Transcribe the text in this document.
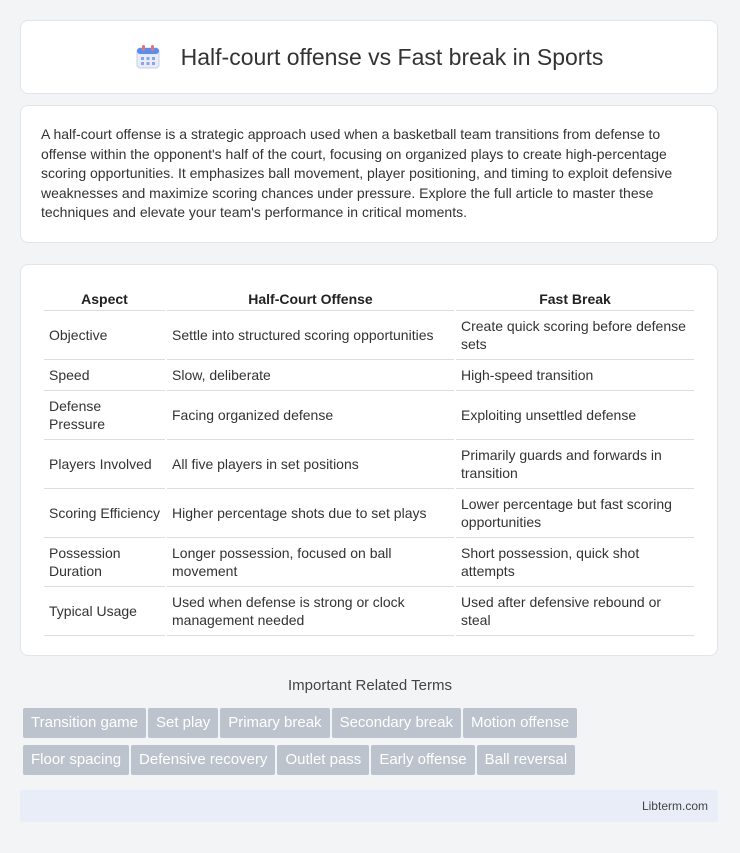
Half-court offense vs Fast break in Sports

A half-court offense is a strategic approach used when a basketball team transitions from defense to offense within the opponent's half of the court, focusing on organized plays to create high-percentage scoring opportunities. It emphasizes ball movement, player positioning, and timing to exploit defensive weaknesses and maximize scoring chances under pressure. Explore the full article to master these techniques and elevate your team's performance in critical moments.

Aspect	Half-Court Offense	Fast Break
Objective	Settle into structured scoring opportunities	Create quick scoring before defense sets
Speed	Slow, deliberate	High-speed transition
Defense Pressure	Facing organized defense	Exploiting unsettled defense
Players Involved	All five players in set positions	Primarily guards and forwards in transition
Scoring Efficiency	Higher percentage shots due to set plays	Lower percentage but fast scoring opportunities
Possession Duration	Longer possession, focused on ball movement	Short possession, quick shot attempts
Typical Usage	Used when defense is strong or clock management needed	Used after defensive rebound or steal
Important Related Terms
Transition game Set play Primary break Secondary break Motion offense
Floor spacing Defensive recovery Outlet pass Early offense Ball reversal
Libterm.com
